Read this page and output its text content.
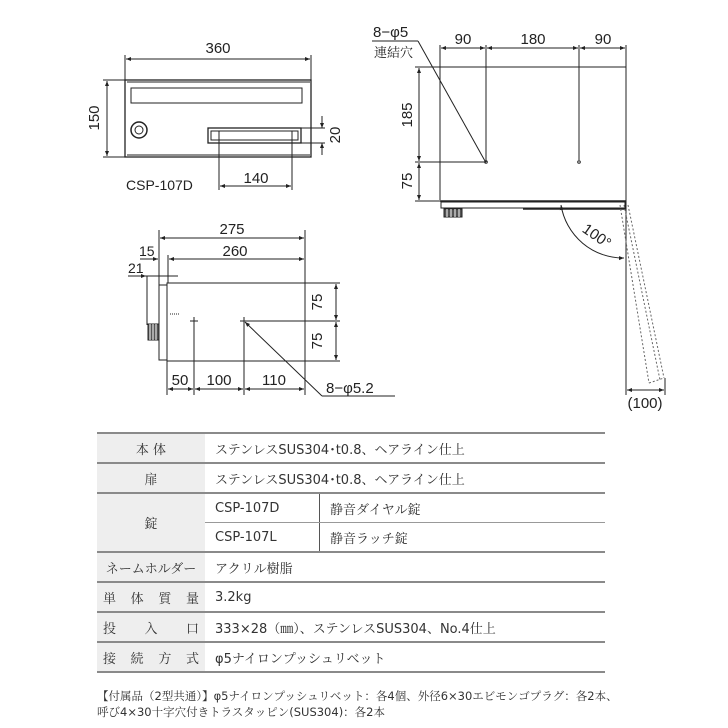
360
150
20
140
CSP-107D
275
260
15
21
75
75
50 100 110	8−φ5.2
90	180	90
185
75
8−φ5
連結穴
100°
(100)
本 体	ステンレスSUS304･t0.8、ヘアライン仕上	
扉	ステンレスSUS304･t0.8、ヘアライン仕上	
錠	CSP-107D	静音ダイヤル錠
	CSP-107L	静音ラッチ錠
ネームホルダー	アクリル樹脂	

単 体 質 量	3.2kg	

投 入 口	333×28（㎜）、ステンレスSUS304、No.4仕上	

接 続 方 式	φ5ナイロンプッシュリベット	
【付属品（2型共通）】φ5ナイロンプッシュリベット：各4個、外径6×30エビモンゴプラグ：各2本、
呼び4×30十字穴付きトラスタッピン(SUS304)：各2本
